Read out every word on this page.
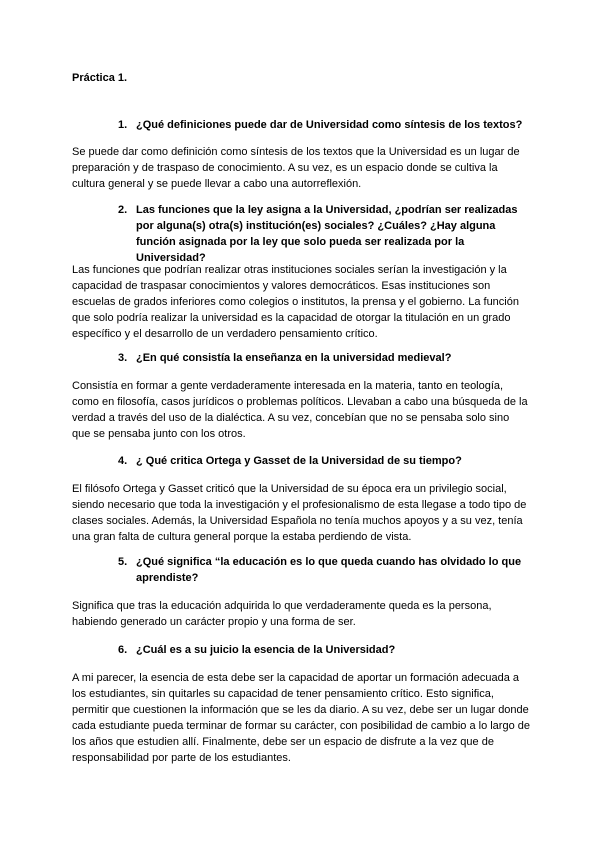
Práctica 1.
1. ¿Qué definiciones puede dar de Universidad como síntesis de los textos?

Se puede dar como definición como síntesis de los textos que la Universidad es un lugar de preparación y de traspaso de conocimiento. A su vez, es un espacio donde se cultiva la cultura general y se puede llevar a cabo una autorreflexión.

2. Las funciones que la ley asigna a la Universidad, ¿podrían ser realizadas por alguna(s) otra(s) institución(es) sociales? ¿Cuáles? ¿Hay alguna función asignada por la ley que solo pueda ser realizada por la Universidad?

Las funciones que podrían realizar otras instituciones sociales serían la investigación y la capacidad de traspasar conocimientos y valores democráticos. Esas instituciones son escuelas de grados inferiores como colegios o institutos, la prensa y el gobierno. La función que solo podría realizar la universidad es la capacidad de otorgar la titulación en un grado específico y el desarrollo de un verdadero pensamiento crítico.

3. ¿En qué consistía la enseñanza en la universidad medieval?

Consistía en formar a gente verdaderamente interesada en la materia, tanto en teología, como en filosofía, casos jurídicos o problemas políticos. Llevaban a cabo una búsqueda de la verdad a través del uso de la dialéctica. A su vez, concebían que no se pensaba solo sino que se pensaba junto con los otros.

4. ¿ Qué critica Ortega y Gasset de la Universidad de su tiempo?

El filósofo Ortega y Gasset criticó que la Universidad de su época era un privilegio social, siendo necesario que toda la investigación y el profesionalismo de esta llegase a todo tipo de clases sociales. Además, la Universidad Española no tenía muchos apoyos y a su vez, tenía una gran falta de cultura general porque la estaba perdiendo de vista.

5. ¿Qué significa “la educación es lo que queda cuando has olvidado lo que aprendiste?

Significa que tras la educación adquirida lo que verdaderamente queda es la persona, habiendo generado un carácter propio y una forma de ser.

6. ¿Cuál es a su juicio la esencia de la Universidad?

A mi parecer, la esencia de esta debe ser la capacidad de aportar un formación adecuada a los estudiantes, sin quitarles su capacidad de tener pensamiento crítico. Esto significa, permitir que cuestionen la información que se les da diario. A su vez, debe ser un lugar donde cada estudiante pueda terminar de formar su carácter, con posibilidad de cambio a lo largo de los años que estudien allí. Finalmente, debe ser un espacio de disfrute a la vez que de responsabilidad por parte de los estudiantes.
